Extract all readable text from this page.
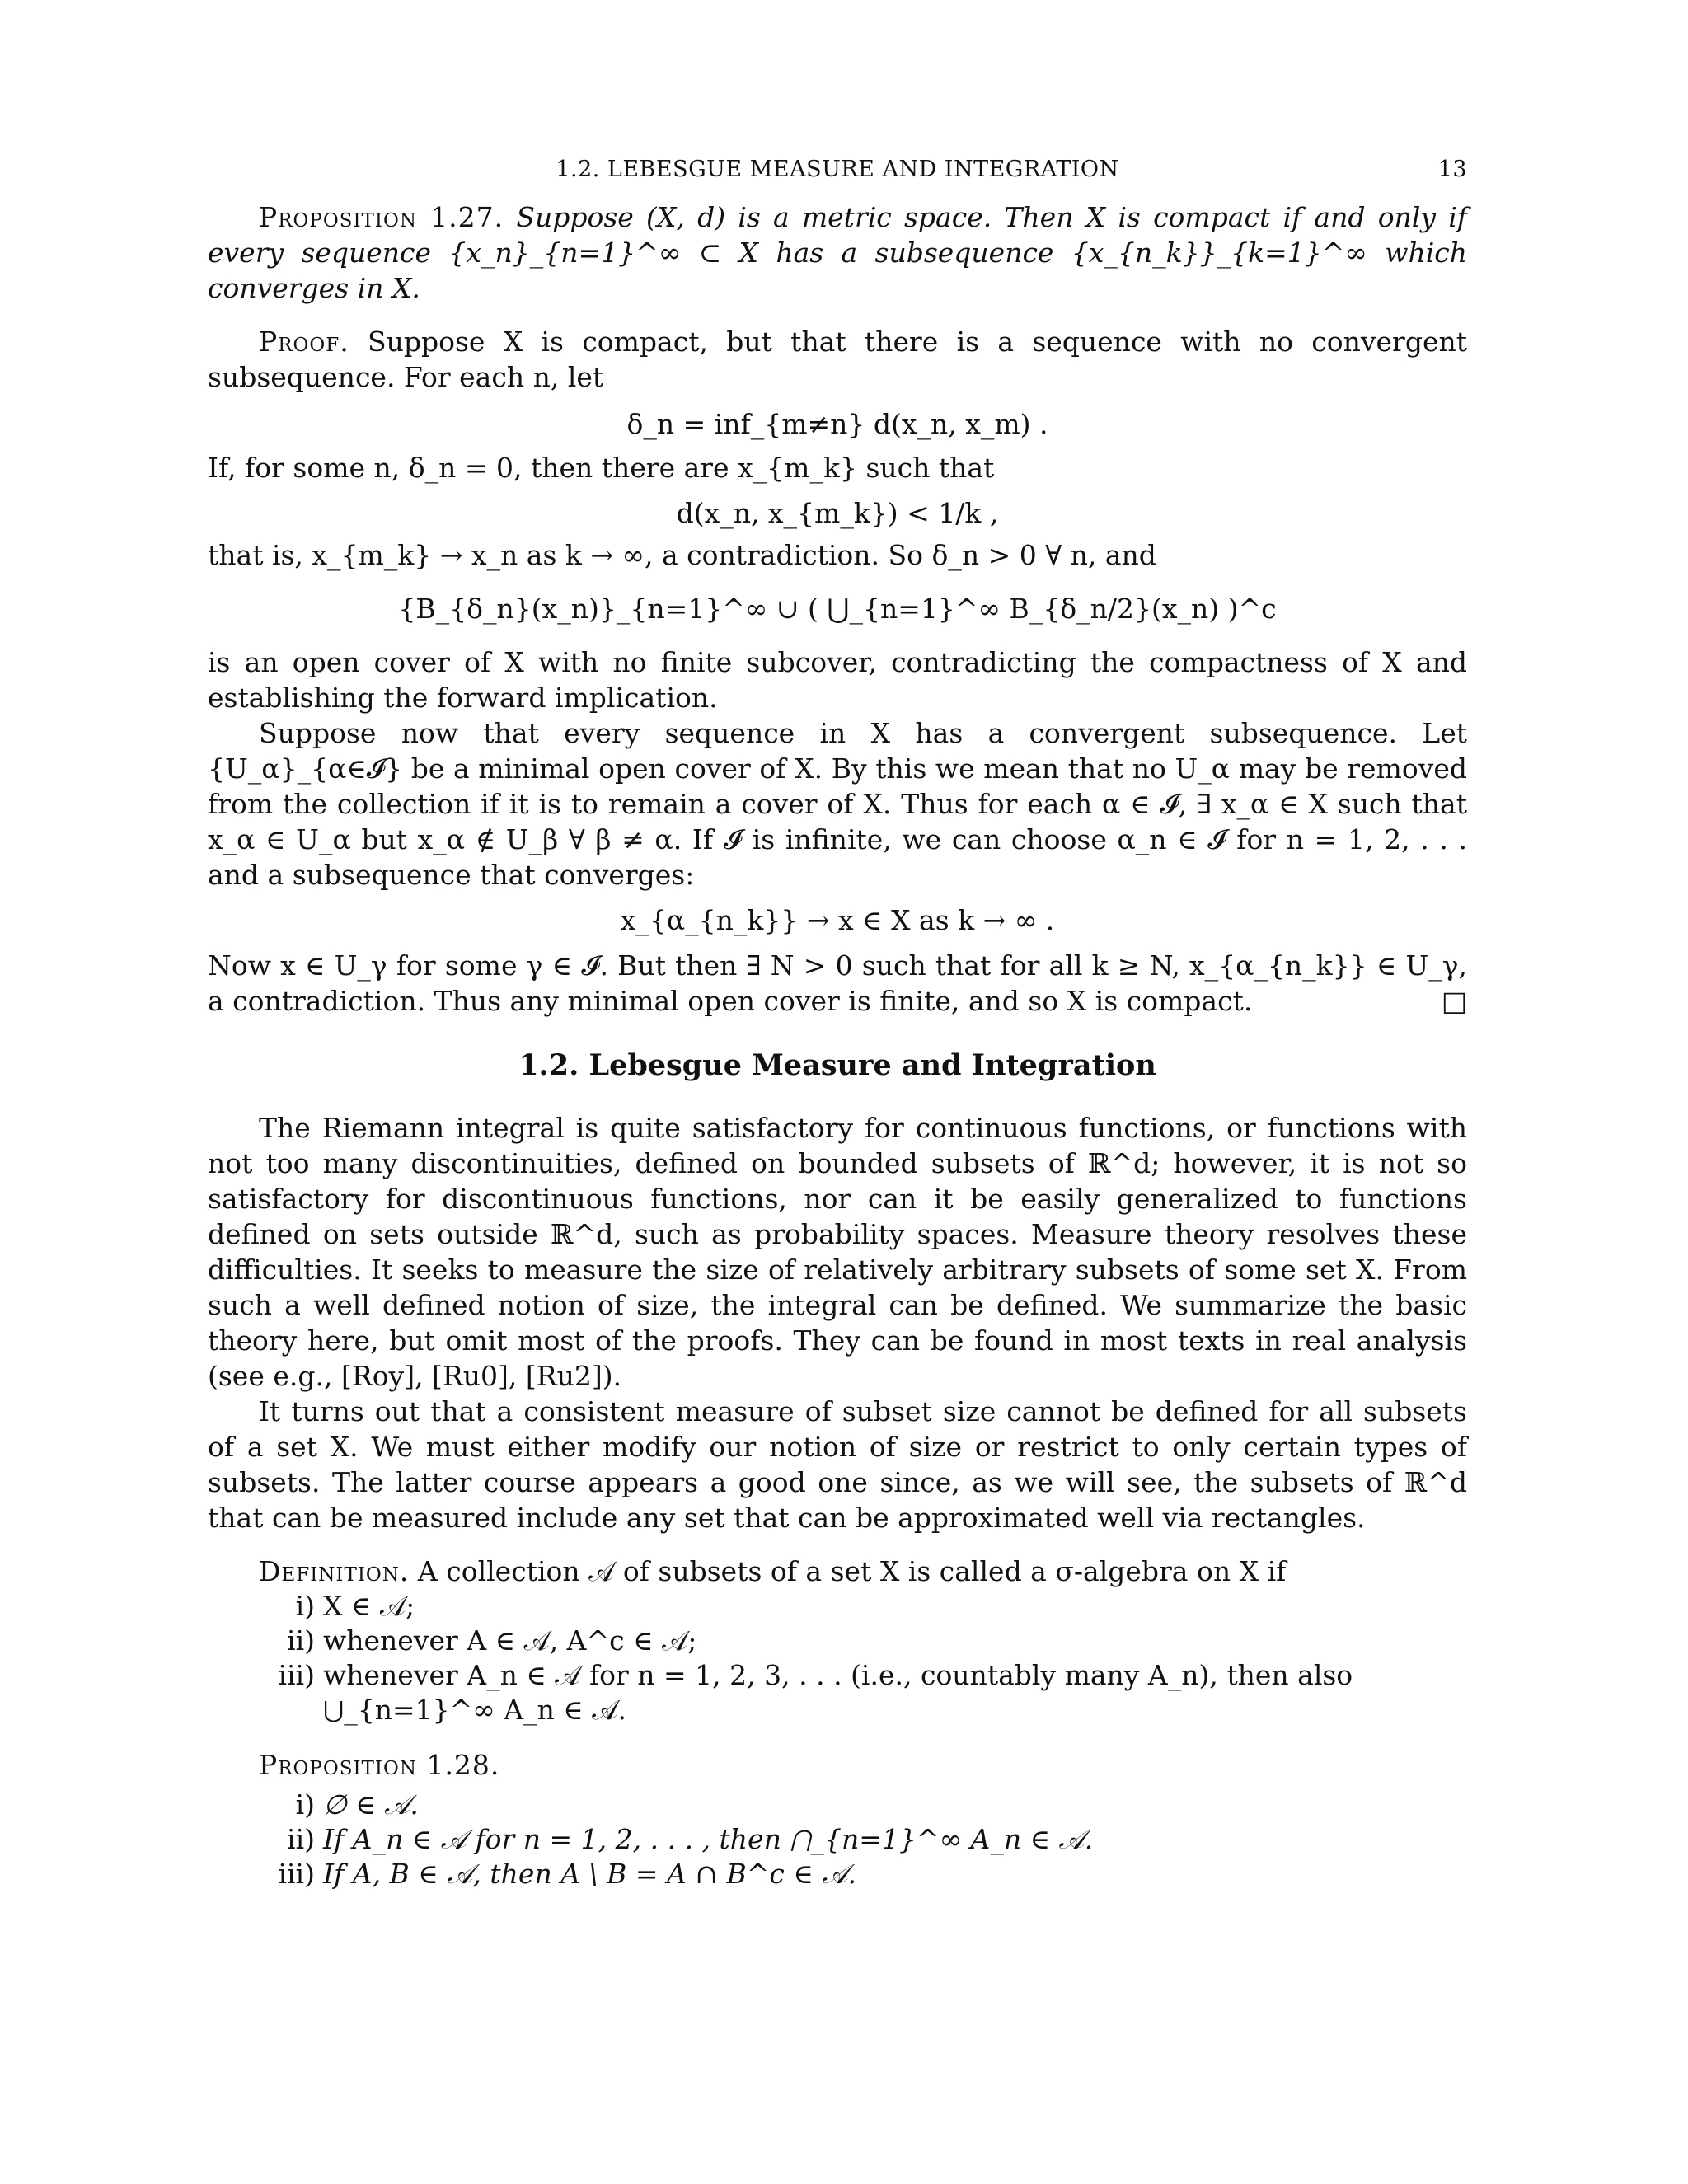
1.2. LEBESGUE MEASURE AND INTEGRATION	13

Proposition 1.27. Suppose (X, d) is a metric space. Then X is compact if and only if every sequence {x_n}_{n=1}^∞ ⊂ X has a subsequence {x_{n_k}}_{k=1}^∞ which converges in X.

Proof. Suppose X is compact, but that there is a sequence with no convergent subsequence. For each n, let

δ_n = inf_{m≠n} d(x_n, x_m) .

If, for some n, δ_n = 0, then there are x_{m_k} such that

d(x_n, x_{m_k}) < 1/k ,

that is, x_{m_k} → x_n as k → ∞, a contradiction. So δ_n > 0 ∀ n, and

{B_{δ_n}(x_n)}_{n=1}^∞ ∪ ( ⋃_{n=1}^∞ B_{δ_n/2}(x_n) )^c

is an open cover of X with no finite subcover, contradicting the compactness of X and establishing the forward implication.

Suppose now that every sequence in X has a convergent subsequence. Let {U_α}_{α∈𝓘} be a minimal open cover of X. By this we mean that no U_α may be removed from the collection if it is to remain a cover of X. Thus for each α ∈ 𝓘, ∃ x_α ∈ X such that x_α ∈ U_α but x_α ∉ U_β ∀ β ≠ α. If 𝓘 is infinite, we can choose α_n ∈ 𝓘 for n = 1, 2, . . . and a subsequence that converges:

x_{α_{n_k}} → x ∈ X as k → ∞ .

Now x ∈ U_γ for some γ ∈ 𝓘. But then ∃ N > 0 such that for all k ≥ N, x_{α_{n_k}} ∈ U_γ, a contradiction. Thus any minimal open cover is finite, and so X is compact.	□

1.2. Lebesgue Measure and Integration

The Riemann integral is quite satisfactory for continuous functions, or functions with not too many discontinuities, defined on bounded subsets of ℝ^d; however, it is not so satisfactory for discontinuous functions, nor can it be easily generalized to functions defined on sets outside ℝ^d, such as probability spaces. Measure theory resolves these difficulties. It seeks to measure the size of relatively arbitrary subsets of some set X. From such a well defined notion of size, the integral can be defined. We summarize the basic theory here, but omit most of the proofs. They can be found in most texts in real analysis (see e.g., [Roy], [Ru0], [Ru2]).

It turns out that a consistent measure of subset size cannot be defined for all subsets of a set X. We must either modify our notion of size or restrict to only certain types of subsets. The latter course appears a good one since, as we will see, the subsets of ℝ^d that can be measured include any set that can be approximated well via rectangles.

Definition. A collection 𝒜 of subsets of a set X is called a σ-algebra on X if

i) X ∈ 𝒜;
ii) whenever A ∈ 𝒜, A^c ∈ 𝒜;
iii) whenever A_n ∈ 𝒜 for n = 1, 2, 3, . . . (i.e., countably many A_n), then also ⋃_{n=1}^∞ A_n ∈ 𝒜.

Proposition 1.28.

i) ∅ ∈ 𝒜.
ii) If A_n ∈ 𝒜 for n = 1, 2, . . . , then ⋂_{n=1}^∞ A_n ∈ 𝒜.
iii) If A, B ∈ 𝒜, then A \ B = A ∩ B^c ∈ 𝒜.
